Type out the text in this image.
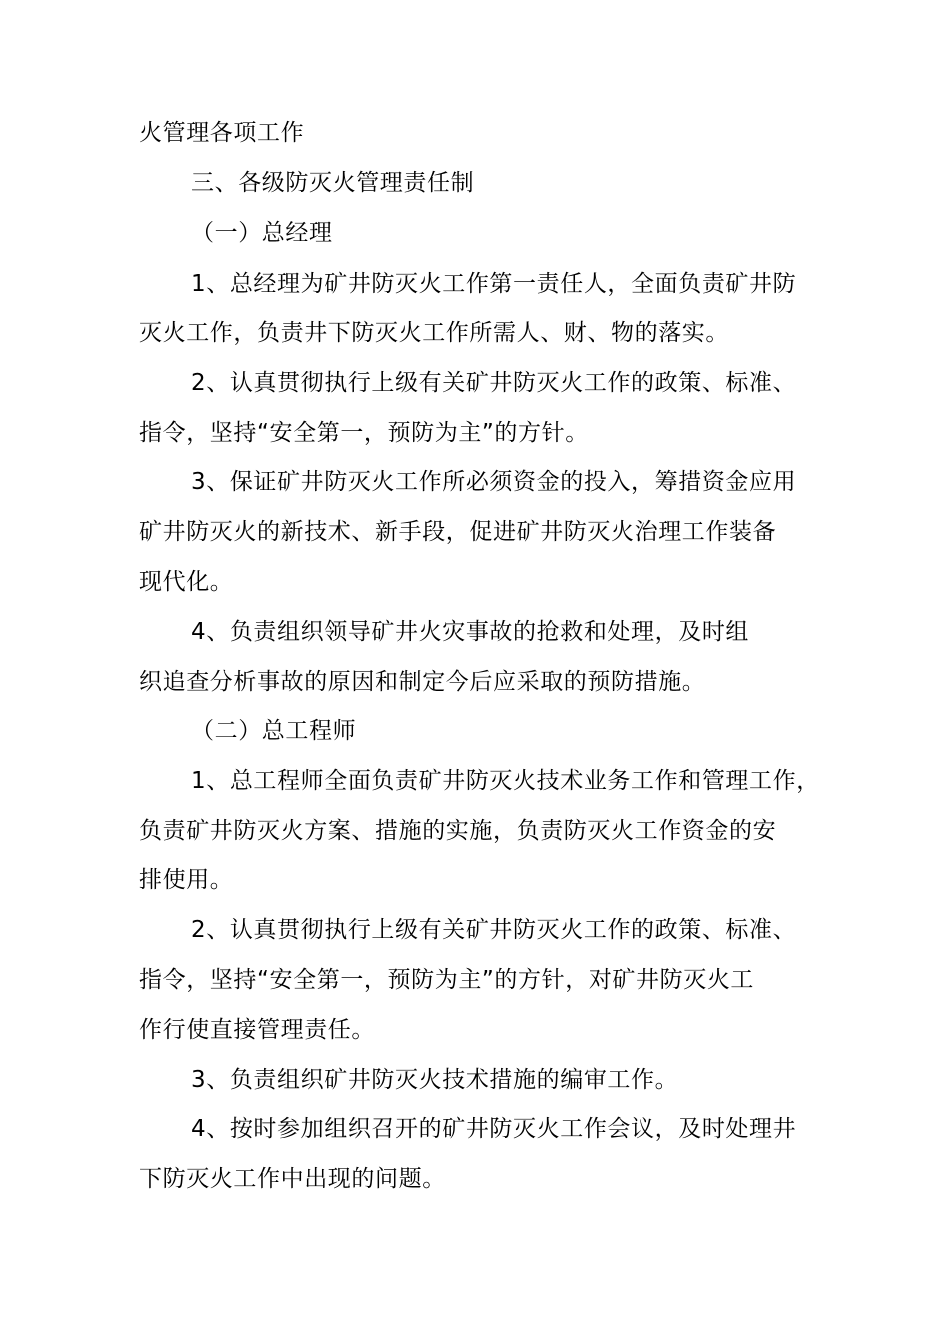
火管理各项工作
三、各级防灭火管理责任制
（一）总经理
1、总经理为矿井防灭火工作第一责任人，全面负责矿井防
灭火工作，负责井下防灭火工作所需人、财、物的落实。
2、认真贯彻执行上级有关矿井防灭火工作的政策、标准、
指令，坚持“安全第一，预防为主”的方针。
3、保证矿井防灭火工作所必须资金的投入，筹措资金应用
矿井防灭火的新技术、新手段，促进矿井防灭火治理工作装备
现代化。
4、负责组织领导矿井火灾事故的抢救和处理，及时组
织追查分析事故的原因和制定今后应采取的预防措施。
（二）总工程师
1、总工程师全面负责矿井防灭火技术业务工作和管理工作，
负责矿井防灭火方案、措施的实施，负责防灭火工作资金的安
排使用。
2、认真贯彻执行上级有关矿井防灭火工作的政策、标准、
指令，坚持“安全第一，预防为主”的方针，对矿井防灭火工
作行使直接管理责任。
3、负责组织矿井防灭火技术措施的编审工作。
4、按时参加组织召开的矿井防灭火工作会议，及时处理井
下防灭火工作中出现的问题。
